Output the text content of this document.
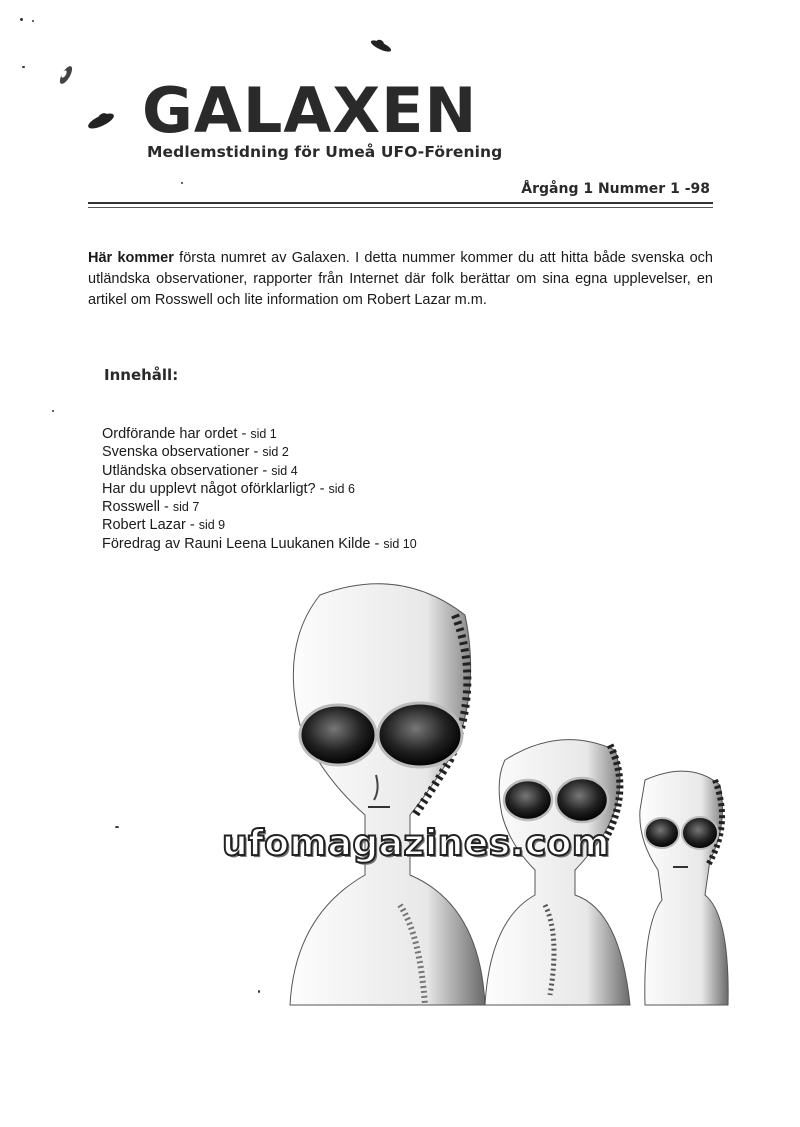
GALAXEN
Medlemstidning för Umeå UFO-Förening
Årgång 1 Nummer 1 -98

Här kommer första numret av Galaxen. I detta nummer kommer du att hitta både svenska och utländska observationer, rapporter från Internet där folk berättar om sina egna upplevelser, en artikel om Rosswell och lite information om Robert Lazar m.m.

Innehåll:
Ordförande har ordet - sid 1
Svenska observationer - sid 2
Utländska observationer - sid 4
Har du upplevt något oförklarligt? - sid 6
Rosswell - sid 7
Robert Lazar - sid 9
Föredrag av Rauni Leena Luukanen Kilde - sid 10
ufomagazines.com
